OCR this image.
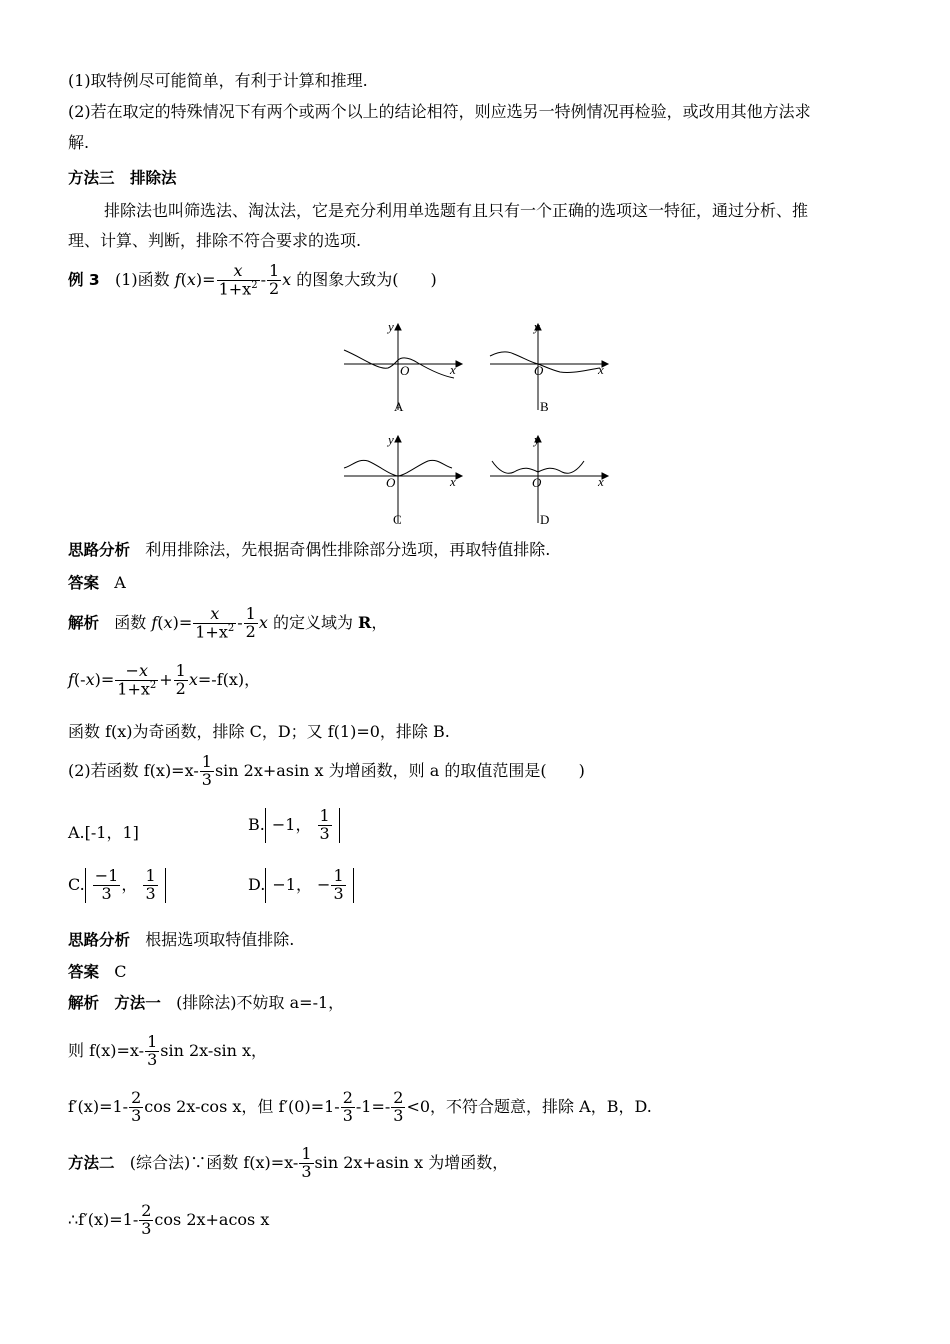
(1)取特例尽可能简单，有利于计算和推理.
(2)若在取定的特殊情况下有两个或两个以上的结论相符，则应选另一特例情况再检验，或改用其他方法求
解.
方法三　排除法
排除法也叫筛选法、淘汰法，它是充分利用单选题有且只有一个正确的选项这一特征，通过分析、推
理、计算、判断，排除不符合要求的选项.
例 3 (1)函数 $f(x)= \frac{x}{1+x^2} - \frac{1}{2}$ x 的图象大致为(　　)
y
x
O
y
x
O
A	B
y
x
O
y
x
O
C	D
思路分析 利用排除法，先根据奇偶性排除部分选项，再取特值排除.
答案 A
解析 函数 $f(x)= \frac{x}{1+x^2} - \frac{1}{2}$ x 的定义域为 R，
$f(-x)= \frac{-x}{1+x^2} + \frac{1}{2} x=-f(x)$，
函数 f(x)为奇函数，排除 C，D；又 f(1)=0，排除 B.
(2)若函数 $f(x)=x- \frac{1}{3}$ sin 2x+asin x 为增函数，则 a 的取值范围是(　　)
A.[-1，1]	B. −1， $\frac{1}{3}$
C. $\frac{-1}{3}$ ， $\frac{1}{3}$	D. −1， − $\frac{1}{3}$
思路分析 根据选项取特值排除.
答案 C
解析 方法一 (排除法)不妨取 a=-1，
则 $f(x)=x- \frac{1}{3}$ sin 2x-sin x，
$f'(x)=1- \frac{2}{3}$ cos 2x-cos x，但 $f'(0)=1- \frac{2}{3} -1=- \frac{2}{3} <0$，不符合题意，排除 A，B，D.
方法二 (综合法)∵函数 $f(x)=x- \frac{1}{3}$ sin 2x+asin x 为增函数，
∴f′(x)=1- $\frac{2}{3}$ cos 2x+acos x
